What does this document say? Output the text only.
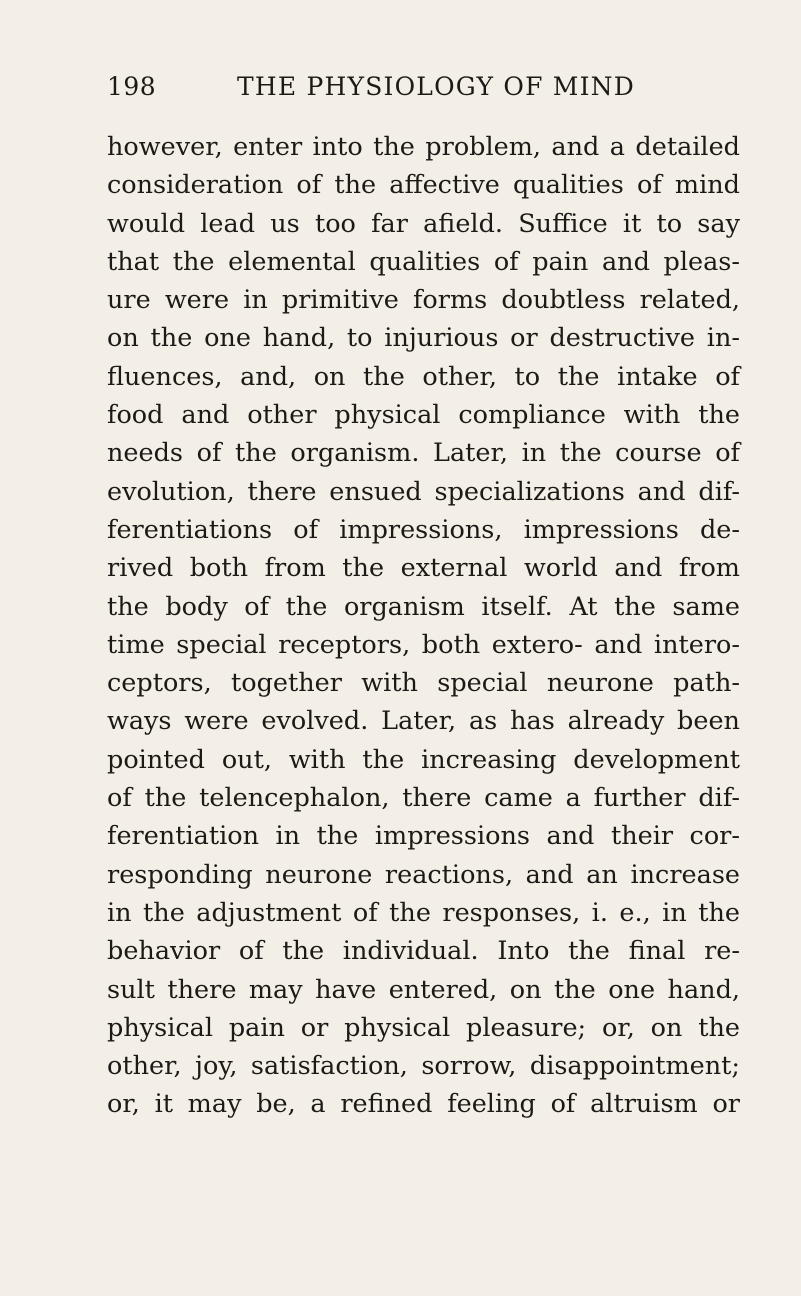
198	THE PHYSIOLOGY OF MIND
however, enter into the problem, and a detailed
consideration of the affective qualities of mind
would lead us too far afield. Suffice it to say
that the elemental qualities of pain and pleas-
ure were in primitive forms doubtless related,
on the one hand, to injurious or destructive in-
fluences, and, on the other, to the intake of
food and other physical compliance with the
needs of the organism. Later, in the course of
evolution, there ensued specializations and dif-
ferentiations of impressions, impressions de-
rived both from the external world and from
the body of the organism itself. At the same
time special receptors, both extero- and intero-
ceptors, together with special neurone path-
ways were evolved. Later, as has already been
pointed out, with the increasing development
of the telencephalon, there came a further dif-
ferentiation in the impressions and their cor-
responding neurone reactions, and an increase
in the adjustment of the responses, i. e., in the
behavior of the individual. Into the final re-
sult there may have entered, on the one hand,
physical pain or physical pleasure; or, on the
other, joy, satisfaction, sorrow, disappointment;
or, it may be, a refined feeling of altruism or
